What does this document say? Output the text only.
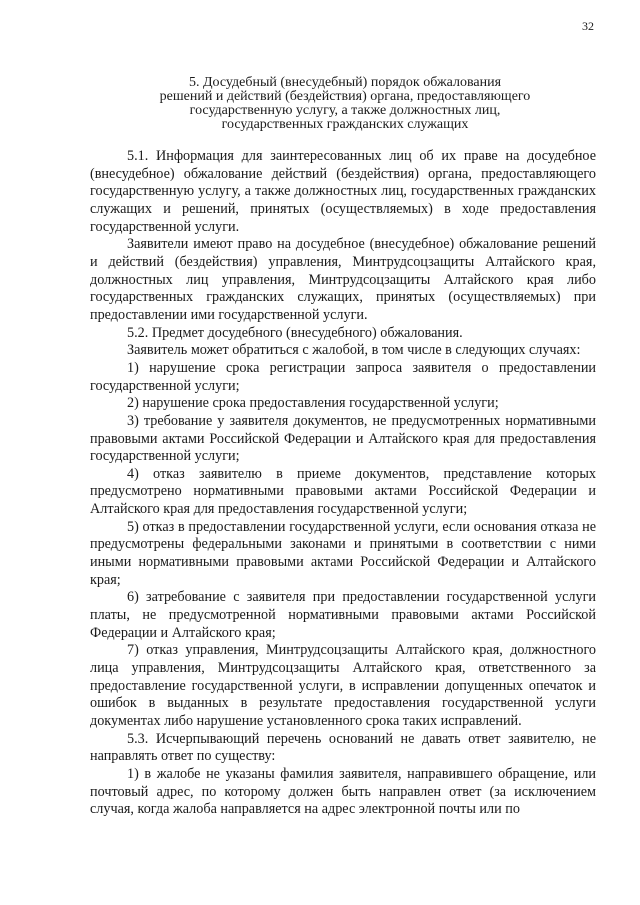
32
5. Досудебный (внесудебный) порядок обжалования
решений и действий (бездействия) органа, предоставляющего
государственную услугу, а также должностных лиц,
государственных гражданских служащих

5.1. Информация для заинтересованных лиц об их праве на досудебное (внесудебное) обжалование действий (бездействия) органа, предоставляющего государственную услугу, а также должностных лиц, государственных гражданских служащих и решений, принятых (осуществляемых) в ходе предоставления государственной услуги.

Заявители имеют право на досудебное (внесудебное) обжалование решений и действий (бездействия) управления, Минтрудсоцзащиты Алтайского края, должностных лиц управления, Минтрудсоцзащиты Алтайского края либо государственных гражданских служащих, принятых (осуществляемых) при предоставлении ими государственной услуги.

5.2. Предмет досудебного (внесудебного) обжалования.

Заявитель может обратиться с жалобой, в том числе в следующих случаях:

1) нарушение срока регистрации запроса заявителя о предоставлении государственной услуги;

2) нарушение срока предоставления государственной услуги;

3) требование у заявителя документов, не предусмотренных нормативными правовыми актами Российской Федерации и Алтайского края для предоставления государственной услуги;

4) отказ заявителю в приеме документов, представление которых предусмотрено нормативными правовыми актами Российской Федерации и Алтайского края для предоставления государственной услуги;

5) отказ в предоставлении государственной услуги, если основания отказа не предусмотрены федеральными законами и принятыми в соответствии с ними иными нормативными правовыми актами Российской Федерации и Алтайского края;

6) затребование с заявителя при предоставлении государственной услуги платы, не предусмотренной нормативными правовыми актами Российской Федерации и Алтайского края;

7) отказ управления, Минтрудсоцзащиты Алтайского края, должностного лица управления, Минтрудсоцзащиты Алтайского края, ответственного за предоставление государственной услуги, в исправлении допущенных опечаток и ошибок в выданных в результате предоставления государственной услуги документах либо нарушение установленного срока таких исправлений.

5.3. Исчерпывающий перечень оснований не давать ответ заявителю, не направлять ответ по существу:

1) в жалобе не указаны фамилия заявителя, направившего обращение, или почтовый адрес, по которому должен быть направлен ответ (за исключением случая, когда жалоба направляется на адрес электронной почты или по
